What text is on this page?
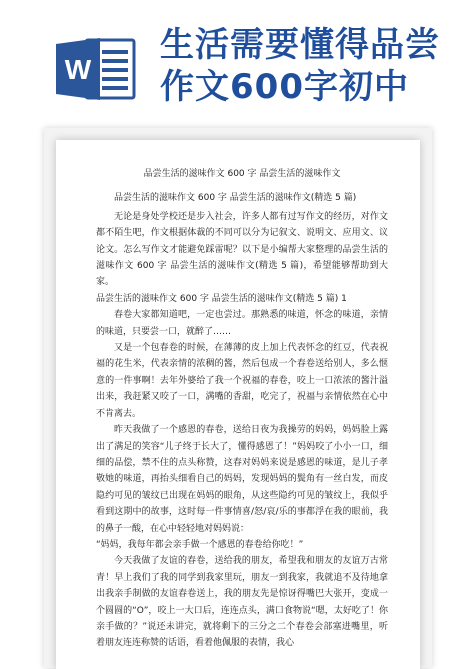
W
生活需要懂得品尝作文600字初中

品尝生活的滋味作文 600 字 品尝生活的滋味作文

品尝生活的滋味作文 600 字 品尝生活的滋味作文(精选 5 篇)

无论是身处学校还是步入社会，许多人都有过写作文的经历，对作文都不陌生吧，作文根据体裁的不同可以分为记叙文、说明文、应用文、议论文。怎么写作文才能避免踩雷呢？以下是小编帮大家整理的品尝生活的滋味作文 600 字 品尝生活的滋味作文(精选 5 篇)，希望能够帮助到大家。

品尝生活的滋味作文 600 字 品尝生活的滋味作文(精选 5 篇) 1

春卷大家都知道吧，一定也尝过。那熟悉的味道，怀念的味道，亲情的味道，只要尝一口，就醉了……

又是一个包春卷的时候，在薄薄的皮上加上代表怀念的红豆，代表祝福的花生米，代表亲情的浓稠的酱，然后包成一个春卷送给别人，多么惬意的一件事啊！去年外婆给了我一个祝福的春卷，咬上一口浓浓的酱汁溢出来，我赶紧又咬了一口，满嘴的香甜，吃完了，祝福与亲情依然在心中不肯离去。

昨天我做了一个感恩的春卷，送给日夜为我操劳的妈妈，妈妈脸上露出了满足的笑容“儿子终于长大了，懂得感恩了！”妈妈咬了小小一口，细细的品偿，禁不住的点头称赞，这春对妈妈来说是感恩的味道，是儿子孝敬她的味道，再抬头细看自己的妈妈，发现妈妈的鬓角有一丝白发，而皮隐约可见的皱纹已出现在妈妈的眼角，从这些隐约可见的皱纹上，我似乎看到这期中的故事，这时每一件事情喜/怒/哀/乐的事都浮在我的眼前，我的鼻子一酸，在心中轻轻地对妈妈说：

“妈妈，我每年都会亲手做一个感恩的春卷给你吃！”

今天我做了友谊的春卷，送给我的朋友，希望我和朋友的友谊万古常青！早上我们了我的同学到我家里玩，朋友一到我家，我就追不及待地拿出我亲手制做的友谊春卷送上，我的朋友先是惊讶得嘴巴大张开，变成一个圆圆的“O”，咬上一大口后，连连点头，满口食物说“嗯，太好吃了！你亲手做的？”说还未讲完，就将剩下的三分之二个春卷会部塞进嘴里，听着朋友连连称赞的话语，看着他佩服的表情，我心
